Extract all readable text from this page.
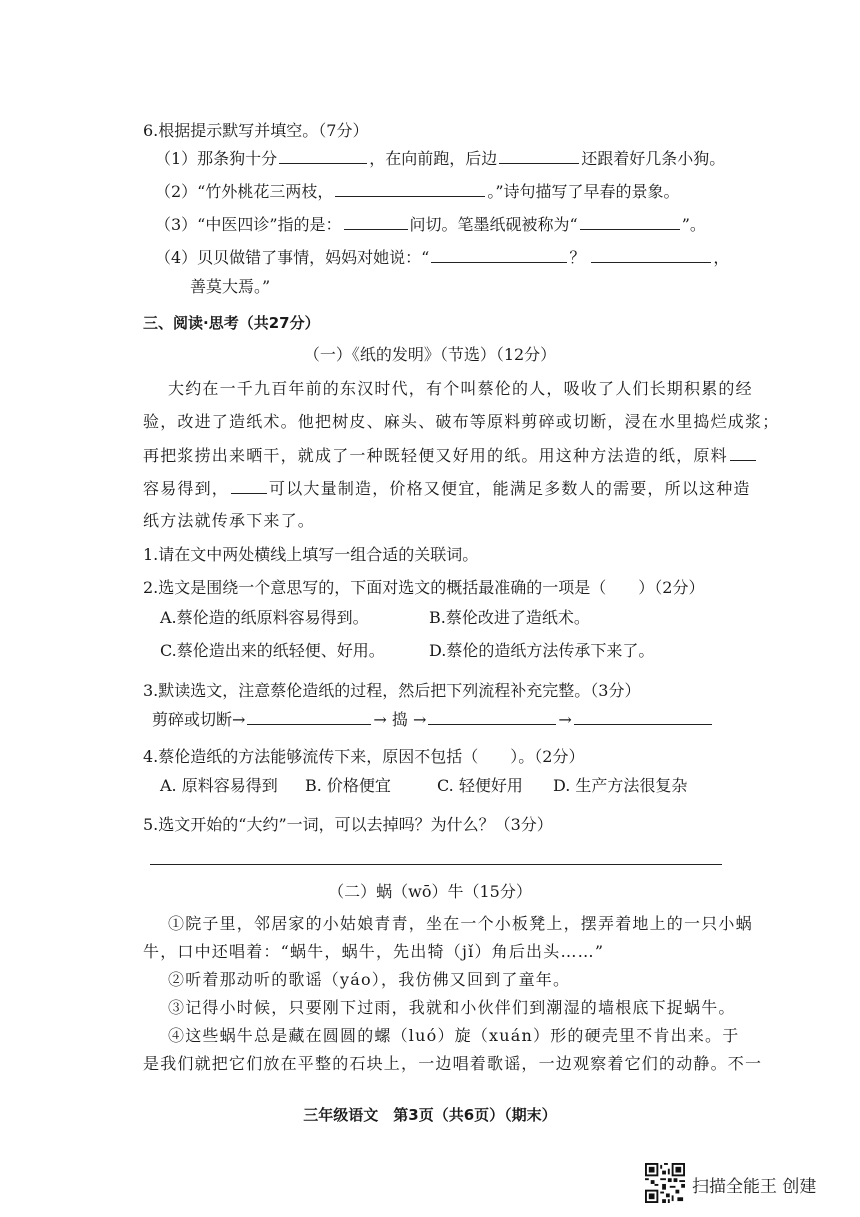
6.根据提示默写并填空。（7分）
（1）那条狗十分	，在向前跑，后边	还跟着好几条小狗。
（2）“竹外桃花三两枝，	。”诗句描写了早春的景象。
（3）“中医四诊”指的是：	问切。笔墨纸砚被称为“	”。
（4）贝贝做错了事情，妈妈对她说：“	？	，
善莫大焉。”
三、阅读·思考（共27分）
（一）《纸的发明》（节选）（12分）
大约在一千九百年前的东汉时代，有个叫蔡伦的人，吸收了人们长期积累的经
验，改进了造纸术。他把树皮、麻头、破布等原料剪碎或切断，浸在水里捣烂成浆；
再把浆捞出来晒干，就成了一种既轻便又好用的纸。用这种方法造的纸，原料
容易得到，	可以大量制造，价格又便宜，能满足多数人的需要，所以这种造
纸方法就传承下来了。
1.请在文中两处横线上填写一组合适的关联词。
2.选文是围绕一个意思写的，下面对选文的概括最准确的一项是（　　）（2分）
A.蔡伦造的纸原料容易得到。	B.蔡伦改进了造纸术。
C.蔡伦造出来的纸轻便、好用。	D.蔡伦的造纸方法传承下来了。
3.默读选文，注意蔡伦造纸的过程，然后把下列流程补充完整。（3分）
剪碎或切断→	→ 捣 →	→
4.蔡伦造纸的方法能够流传下来，原因不包括（　　）。（2分）
A. 原料容易得到 B. 价格便宜	C. 轻便好用 D. 生产方法很复杂
5.选文开始的“大约”一词，可以去掉吗？为什么？（3分）
（二）蜗（wō）牛（15分）
①院子里，邻居家的小姑娘青青，坐在一个小板凳上，摆弄着地上的一只小蜗
牛，口中还唱着：“蜗牛，蜗牛，先出犄（jǐ）角后出头……”
②听着那动听的歌谣（yáo），我仿佛又回到了童年。
③记得小时候，只要刚下过雨，我就和小伙伴们到潮湿的墙根底下捉蜗牛。
④这些蜗牛总是藏在圆圆的螺（luó）旋（xuán）形的硬壳里不肯出来。于
是我们就把它们放在平整的石块上，一边唱着歌谣，一边观察着它们的动静。不一
三年级语文　第3页（共6页）（期末）
扫描全能王 创建
